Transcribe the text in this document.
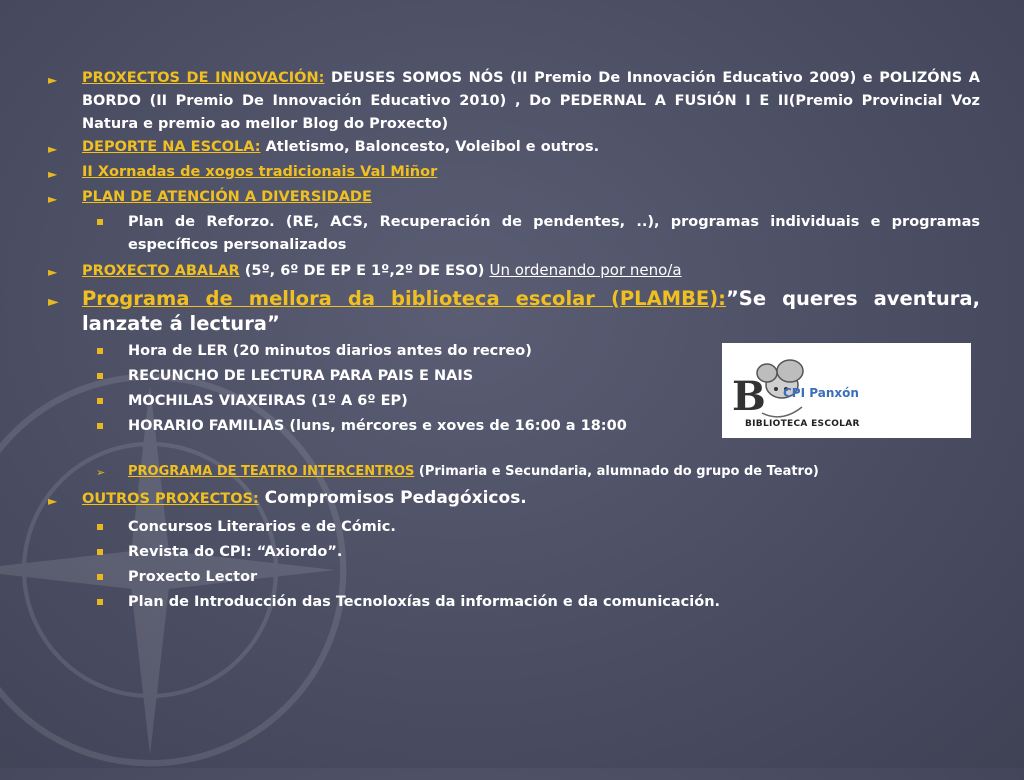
► PROXECTOS DE INNOVACIÓN: DEUSES SOMOS NÓS (II Premio De Innovación Educativo 2009) e POLIZÓNS A BORDO (II Premio De Innovación Educativo 2010) , Do PEDERNAL A FUSIÓN I E II(Premio Provincial Voz Natura e premio ao mellor Blog do Proxecto)
► DEPORTE NA ESCOLA: Atletismo, Baloncesto, Voleibol e outros.
► II Xornadas de xogos tradicionais Val Miñor
► PLAN DE ATENCIÓN A DIVERSIDADE
Plan de Reforzo. (RE, ACS, Recuperación de pendentes, ..), programas individuais e programas específicos personalizados
► PROXECTO ABALAR (5º, 6º DE EP E 1º,2º DE ESO) Un ordenando por neno/a
► Programa de mellora da biblioteca escolar (PLAMBE):”Se queres aventura, lanzate á lectura”
Hora de LER (20 minutos diarios antes do recreo)
RECUNCHO DE LECTURA PARA PAIS E NAIS
MOCHILAS VIAXEIRAS (1º A 6º EP)
HORARIO FAMILIAS (luns, mércores e xoves de 16:00 a 18:00
B CPI Panxón
BIBLIOTECA ESCOLAR
➢ PROGRAMA DE TEATRO INTERCENTROS (Primaria e Secundaria, alumnado do grupo de Teatro)
► OUTROS PROXECTOS: Compromisos Pedagóxicos.
Concursos Literarios e de Cómic.
Revista do CPI: “Axiordo”.
Proxecto Lector
Plan de Introducción das Tecnoloxías da información e da comunicación.
